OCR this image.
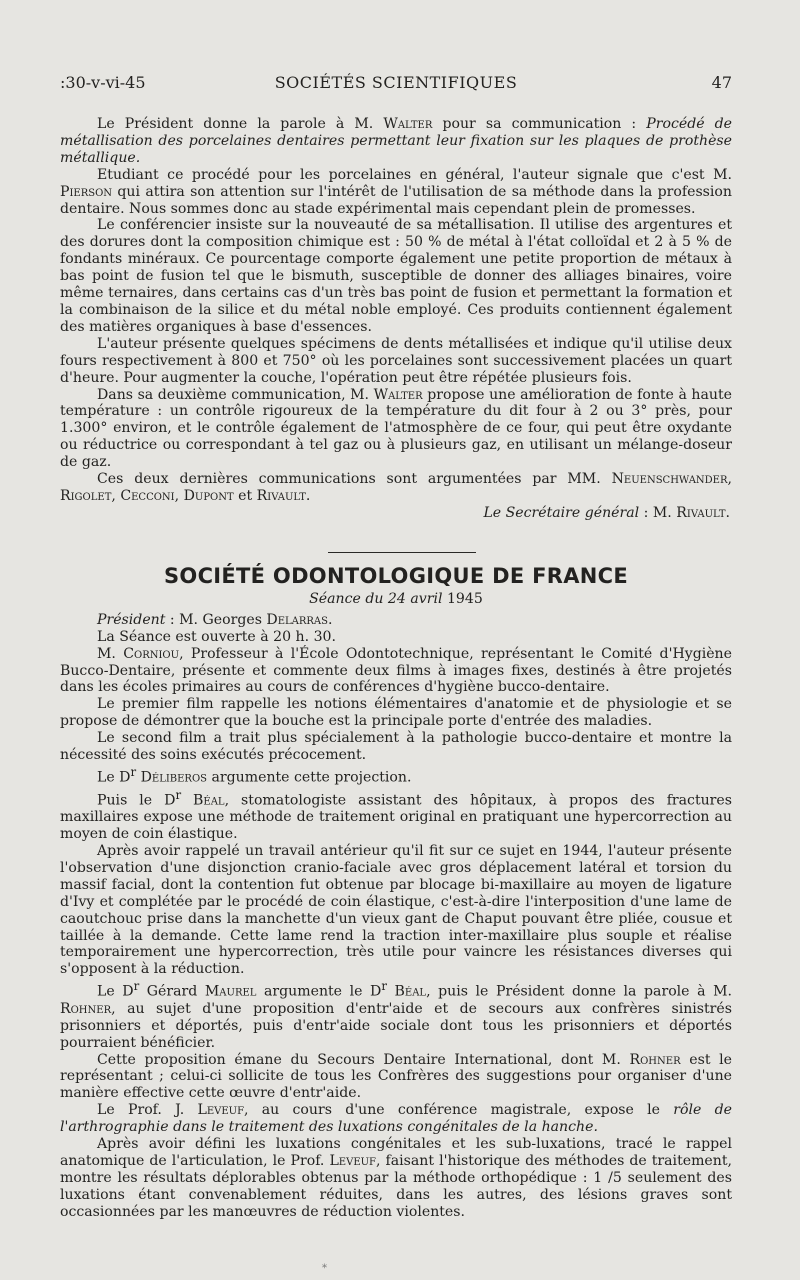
:30-v-vi-45	SOCIÉTÉS SCIENTIFIQUES	47

Le Président donne la parole à M. Walter pour sa communication : Procédé de métallisation des porcelaines dentaires permettant leur fixation sur les plaques de prothèse métallique.

Etudiant ce procédé pour les porcelaines en général, l'auteur signale que c'est M. Pierson qui attira son attention sur l'intérêt de l'utilisation de sa méthode dans la profession dentaire. Nous sommes donc au stade expérimental mais cependant plein de promesses.

Le conférencier insiste sur la nouveauté de sa métallisation. Il utilise des argentures et des dorures dont la composition chimique est : 50 % de métal à l'état colloïdal et 2 à 5 % de fondants minéraux. Ce pourcentage comporte également une petite proportion de métaux à bas point de fusion tel que le bismuth, susceptible de donner des alliages binaires, voire même ternaires, dans certains cas d'un très bas point de fusion et permettant la formation et la combinaison de la silice et du métal noble employé. Ces produits contiennent également des matières organiques à base d'essences.

L'auteur présente quelques spécimens de dents métallisées et indique qu'il utilise deux fours respectivement à 800 et 750° où les porcelaines sont successivement placées un quart d'heure. Pour augmenter la couche, l'opération peut être répétée plusieurs fois.

Dans sa deuxième communication, M. Walter propose une amélioration de fonte à haute température : un contrôle rigoureux de la température du dit four à 2 ou 3° près, pour 1.300° environ, et le contrôle également de l'atmosphère de ce four, qui peut être oxydante ou réductrice ou correspondant à tel gaz ou à plusieurs gaz, en utilisant un mélange-doseur de gaz.

Ces deux dernières communications sont argumentées par MM. Neuenschwander, Rigolet, Cecconi, Dupont et Rivault.

Le Secrétaire général : M. Rivault.

SOCIÉTÉ ODONTOLOGIQUE DE FRANCE

Séance du 24 avril 1945

Président : M. Georges Delarras.

La Séance est ouverte à 20 h. 30.

M. Corniou, Professeur à l'École Odontotechnique, représentant le Comité d'Hygiène Bucco-Dentaire, présente et commente deux films à images fixes, destinés à être projetés dans les écoles primaires au cours de conférences d'hygiène bucco-dentaire.

Le premier film rappelle les notions élémentaires d'anatomie et de physiologie et se propose de démontrer que la bouche est la principale porte d'entrée des maladies.

Le second film a trait plus spécialement à la pathologie bucco-dentaire et montre la nécessité des soins exécutés précocement.

Le $D^r$ Déliberos argumente cette projection.

Puis le $D^r$ Béal, stomatologiste assistant des hôpitaux, à propos des fractures maxillaires expose une méthode de traitement original en pratiquant une hypercorrection au moyen de coin élastique.

Après avoir rappelé un travail antérieur qu'il fit sur ce sujet en 1944, l'auteur présente l'observation d'une disjonction cranio-faciale avec gros déplacement latéral et torsion du massif facial, dont la contention fut obtenue par blocage bi-maxillaire au moyen de ligature d'Ivy et complétée par le procédé de coin élastique, c'est-à-dire l'interposition d'une lame de caoutchouc prise dans la manchette d'un vieux gant de Chaput pouvant être pliée, cousue et taillée à la demande. Cette lame rend la traction inter-maxillaire plus souple et réalise temporairement une hypercorrection, très utile pour vaincre les résistances diverses qui s'opposent à la réduction.

Le $D^r$ Gérard Maurel argumente le $D^r$ Béal, puis le Président donne la parole à M. Rohner, au sujet d'une proposition d'entr'aide et de secours aux confrères sinistrés prisonniers et déportés, puis d'entr'aide sociale dont tous les prisonniers et déportés pourraient bénéficier.

Cette proposition émane du Secours Dentaire International, dont M. Rohner est le représentant ; celui-ci sollicite de tous les Confrères des suggestions pour organiser d'une manière effective cette œuvre d'entr'aide.

Le Prof. J. Leveuf, au cours d'une conférence magistrale, expose le rôle de l'arthrographie dans le traitement des luxations congénitales de la hanche.

Après avoir défini les luxations congénitales et les sub-luxations, tracé le rappel anatomique de l'articulation, le Prof. Leveuf, faisant l'historique des méthodes de traitement, montre les résultats déplorables obtenus par la méthode orthopédique : 1 /5 seulement des luxations étant convenablement réduites, dans les autres, des lésions graves sont occasionnées par les manœuvres de réduction violentes.

*
